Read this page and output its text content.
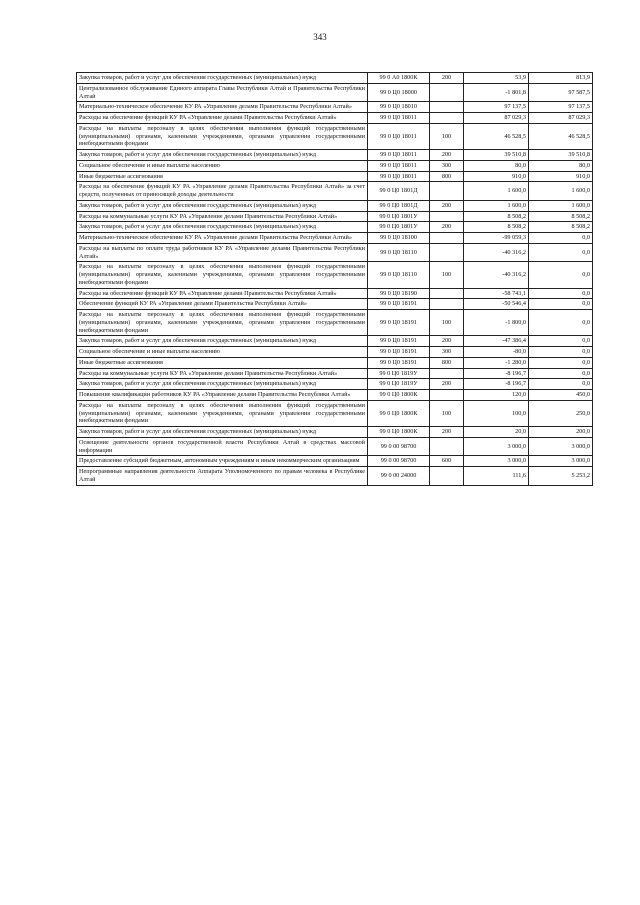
343
Закупка товаров, работ и услуг для обеспечения государственных (муниципальных) нужд	99 0 А0 1800К	200	53,9	813,9
Централизованное обслуживание Единого аппарата Главы Республики Алтай и Правительства Республики Алтай	99 0 Ц0 18000		-1 801,8	97 587,5
Материально-техническое обеспечение КУ РА «Управление делами Правительства Республики Алтай»	99 0 Ц0 18010		97 137,5	97 137,5
Расходы на обеспечение функций КУ РА «Управление делами Правительства Республики Алтай»	99 0 Ц0 18011		87 029,3	87 029,3
Расходы на выплаты персоналу в целях обеспечения выполнения функций государственными (муниципальными) органами, казенными учреждениями, органами управления государственными внебюджетными фондами	99 0 Ц0 18011	100	46 528,5	46 528,5
Закупка товаров, работ и услуг для обеспечения государственных (муниципальных) нужд	99 0 Ц0 18011	200	39 510,8	39 510,8
Социальное обеспечение и иные выплаты населению	99 0 Ц0 18011	300	80,0	80,0
Иные бюджетные ассигнования	99 0 Ц0 18011	800	910,0	910,0
Расходы на обеспечение функций КУ РА «Управление делами Правительства Республики Алтай» за счет средств, полученных от приносящей доходы деятельности	99 0 Ц0 1801Д		1 600,0	1 600,0
Закупка товаров, работ и услуг для обеспечения государственных (муниципальных) нужд	99 0 Ц0 1801Д	200	1 600,0	1 600,0
Расходы на коммунальные услуги КУ РА «Управление делами Правительства Республики Алтай»	99 0 Ц0 1801У		8 508,2	8 508,2
Закупка товаров, работ и услуг для обеспечения государственных (муниципальных) нужд	99 0 Ц0 1801У	200	8 508,2	8 508,2
Материально-техническое обеспечение КУ РА «Управление делами Правительства Республики Алтай»	99 0 Ц0 18100		-99 059,3	0,0
Расходы на выплаты по оплате труда работников КУ РА «Управление делами Правительства Республики Алтай»	99 0 Ц0 18110		-40 316,2	0,0
Расходы на выплаты персоналу в целях обеспечения выполнения функций государственными (муниципальными) органами, казенными учреждениями, органами управления государственными внебюджетными фондами	99 0 Ц0 18110	100	-40 316,2	0,0
Расходы на обеспечение функций КУ РА «Управление делами Правительства Республики Алтай»	99 0 Ц0 18190		-58 743,1	0,0
Обеспечение функций КУ РА «Управление делами Правительства Республики Алтай»	99 0 Ц0 18191		-50 546,4	0,0
Расходы на выплаты персоналу в целях обеспечения выполнения функций государственными (муниципальными) органами, казенными учреждениями, органами управления государственными внебюджетными фондами	99 0 Ц0 18191	100	-1 800,0	0,0
Закупка товаров, работ и услуг для обеспечения государственных (муниципальных) нужд	99 0 Ц0 18191	200	-47 386,4	0,0
Социальное обеспечение и иные выплаты населению	99 0 Ц0 18191	300	-80,0	0,0
Иные бюджетные ассигнования	99 0 Ц0 18191	800	-1 280,0	0,0
Расходы на коммунальные услуги КУ РА «Управление делами Правительства Республики Алтай»	99 0 Ц0 1819У		-8 196,7	0,0
Закупка товаров, работ и услуг для обеспечения государственных (муниципальных) нужд	99 0 Ц0 1819У	200	-8 196,7	0,0
Повышение квалификации работников КУ РА «Управление делами Правительства Республики Алтай»	99 0 Ц0 1800К		120,0	450,0
Расходы на выплаты персоналу в целях обеспечения выполнения функций государственными (муниципальными) органами, казенными учреждениями, органами управления государственными внебюджетными фондами	99 0 Ц0 1800К	100	100,0	250,0
Закупка товаров, работ и услуг для обеспечения государственных (муниципальных) нужд	99 0 Ц0 1800К	200	20,0	200,0
Освещение деятельности органов государственной власти Республики Алтай в средствах массовой информации	99 0 00 98700		3 000,0	3 000,0
Предоставление субсидий бюджетным, автономным учреждениям и иным некоммерческим организациям	99 0 00 98700	600	3 000,0	3 000,0
Непрограммные направления деятельности Аппарата Уполномоченного по правам человека в Республике Алтай	99 0 00 24000		111,6	5 253,2
